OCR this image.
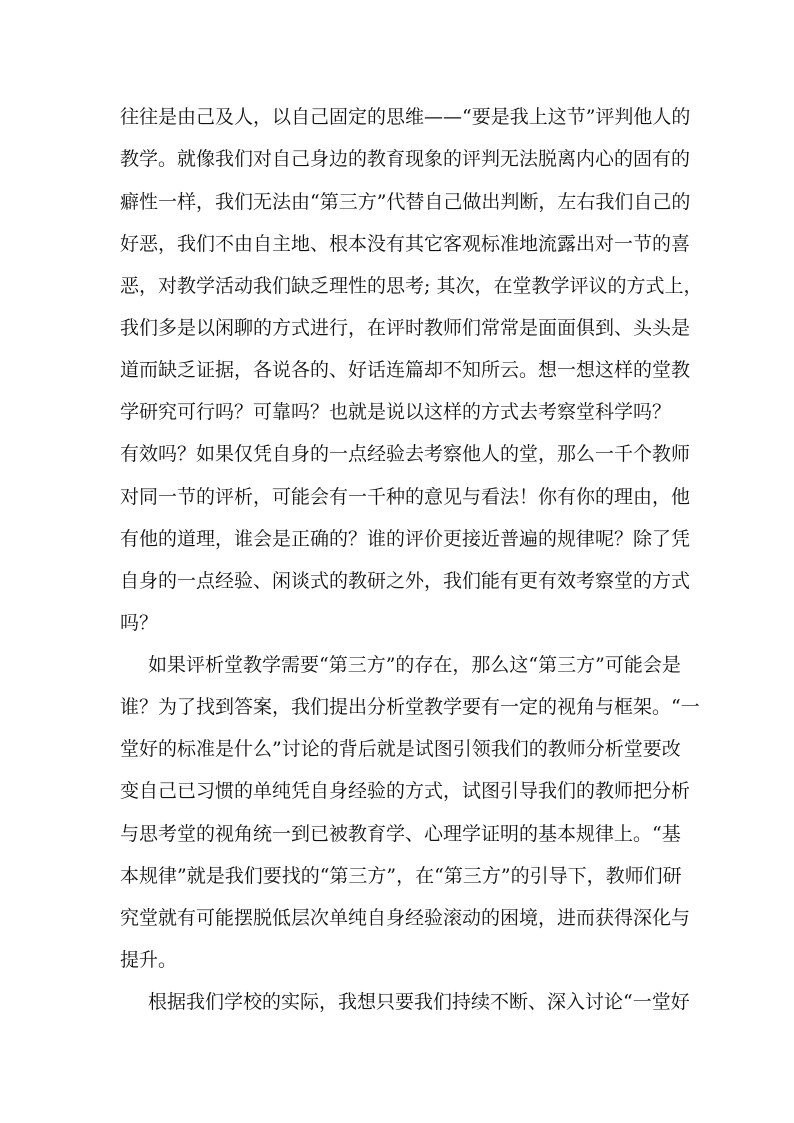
往往是由己及人，以自己固定的思维——“要是我上这节”评判他人的
教学。就像我们对自己身边的教育现象的评判无法脱离内心的固有的
癖性一样，我们无法由“第三方”代替自己做出判断，左右我们自己的
好恶，我们不由自主地、根本没有其它客观标准地流露出对一节的喜
恶，对教学活动我们缺乏理性的思考; 其次，在堂教学评议的方式上，
我们多是以闲聊的方式进行，在评时教师们常常是面面俱到、头头是
道而缺乏证据，各说各的、好话连篇却不知所云。想一想这样的堂教
学研究可行吗？可靠吗？也就是说以这样的方式去考察堂科学吗？
有效吗？如果仅凭自身的一点经验去考察他人的堂，那么一千个教师
对同一节的评析，可能会有一千种的意见与看法！你有你的理由，他
有他的道理，谁会是正确的？谁的评价更接近普遍的规律呢？除了凭
自身的一点经验、闲谈式的教研之外，我们能有更有效考察堂的方式
吗？
如果评析堂教学需要“第三方”的存在，那么这“第三方”可能会是
谁？为了找到答案，我们提出分析堂教学要有一定的视角与框架。“一
堂好的标准是什么”讨论的背后就是试图引领我们的教师分析堂要改
变自己已习惯的单纯凭自身经验的方式，试图引导我们的教师把分析
与思考堂的视角统一到已被教育学、心理学证明的基本规律上。“基
本规律”就是我们要找的“第三方”，在“第三方”的引导下，教师们研
究堂就有可能摆脱低层次单纯自身经验滚动的困境，进而获得深化与
提升。
根据我们学校的实际，我想只要我们持续不断、深入讨论“一堂好
